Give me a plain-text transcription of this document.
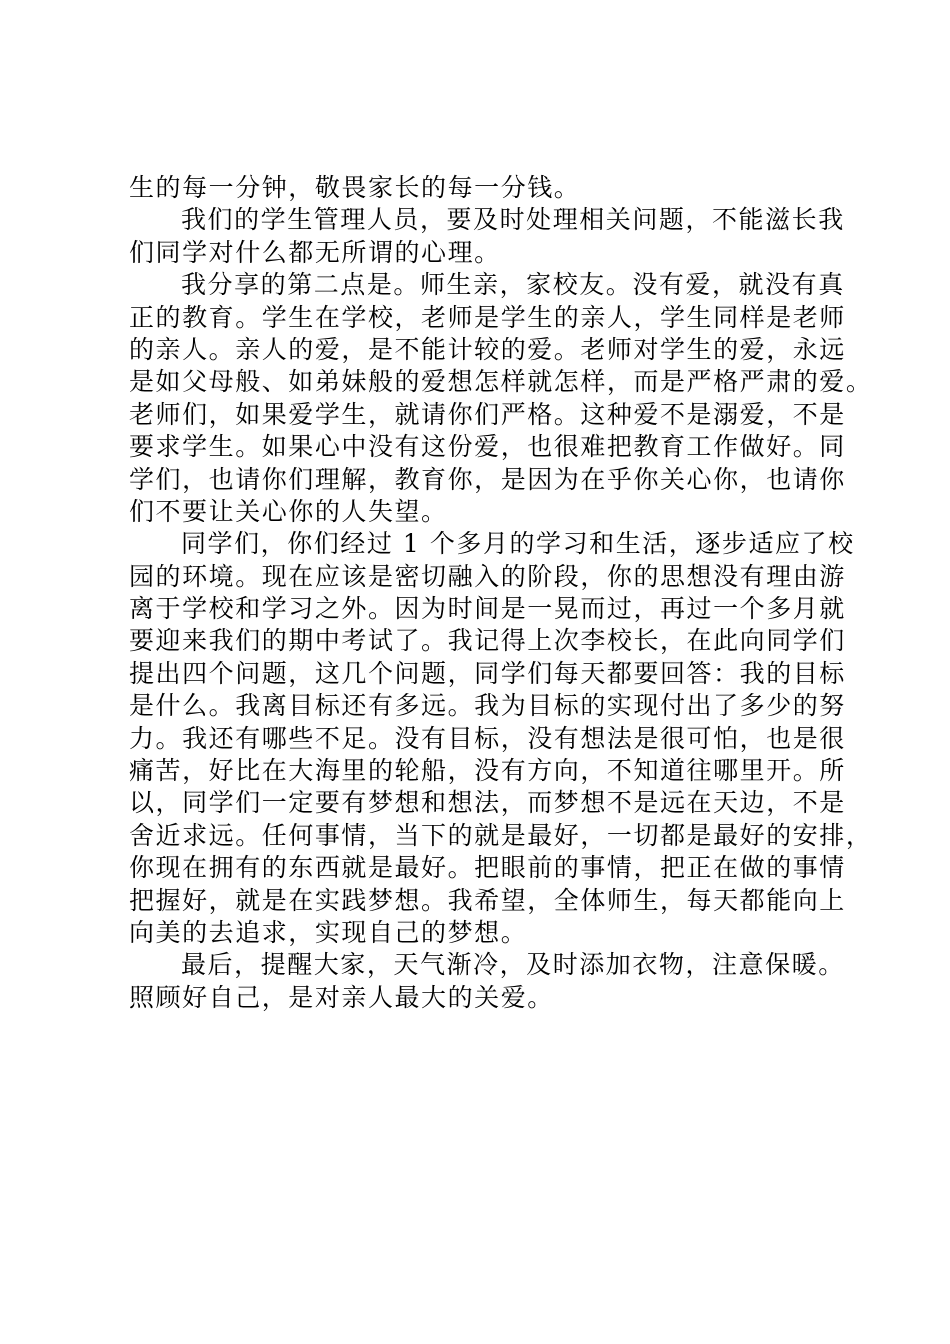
生的每一分钟，敬畏家长的每一分钱。
我们的学生管理人员，要及时处理相关问题，不能滋长我
们同学对什么都无所谓的心理。
我分享的第二点是。师生亲，家校友。没有爱，就没有真
正的教育。学生在学校，老师是学生的亲人，学生同样是老师
的亲人。亲人的爱，是不能计较的爱。老师对学生的爱，永远
是如父母般、如弟妹般的爱想怎样就怎样，而是严格严肃的爱。
老师们，如果爱学生，就请你们严格。这种爱不是溺爱，不是
要求学生。如果心中没有这份爱，也很难把教育工作做好。同
学们，也请你们理解，教育你，是因为在乎你关心你，也请你
们不要让关心你的人失望。
同学们，你们经过 1 个多月的学习和生活，逐步适应了校
园的环境。现在应该是密切融入的阶段，你的思想没有理由游
离于学校和学习之外。因为时间是一晃而过，再过一个多月就
要迎来我们的期中考试了。我记得上次李校长，在此向同学们
提出四个问题，这几个问题，同学们每天都要回答：我的目标
是什么。我离目标还有多远。我为目标的实现付出了多少的努
力。我还有哪些不足。没有目标，没有想法是很可怕，也是很
痛苦，好比在大海里的轮船，没有方向，不知道往哪里开。所
以，同学们一定要有梦想和想法，而梦想不是远在天边，不是
舍近求远。任何事情，当下的就是最好，一切都是最好的安排，
你现在拥有的东西就是最好。把眼前的事情，把正在做的事情
把握好，就是在实践梦想。我希望，全体师生，每天都能向上
向美的去追求，实现自己的梦想。
最后，提醒大家，天气渐冷，及时添加衣物，注意保暖。
照顾好自己，是对亲人最大的关爱。
